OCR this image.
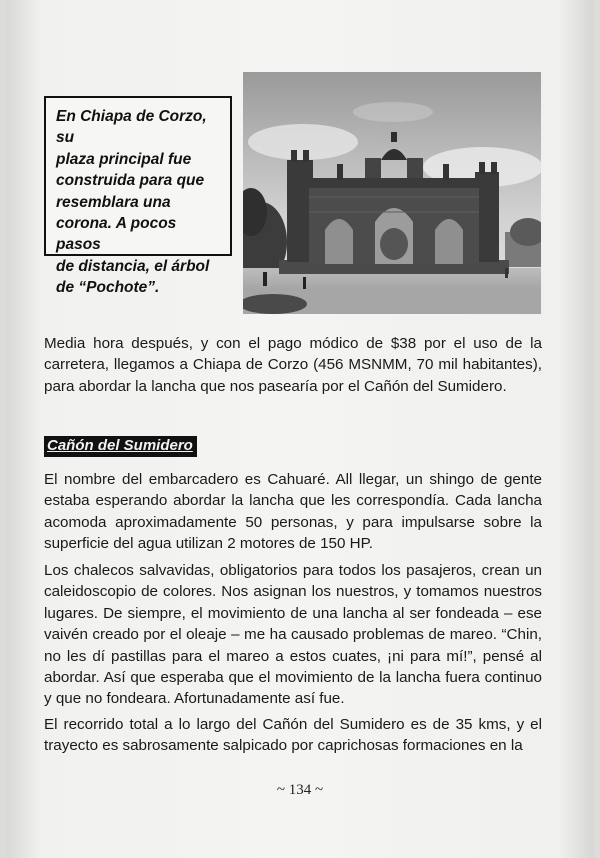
En Chiapa de Corzo, su
plaza principal fue
construida para que
resemblara una
corona. A pocos pasos
de distancia, el árbol
de “Pochote”.

Media hora después, y con el pago módico de $38 por el uso de la carretera, llegamos a Chiapa de Corzo (456 MSNMM, 70 mil habitantes), para abordar la lancha que nos pasearía por el Cañón del Sumidero.

Cañón del Sumidero

El nombre del embarcadero es Cahuaré. All llegar, un shingo de gente estaba esperando abordar la lancha que les correspondía. Cada lancha acomoda aproximadamente 50 personas, y para impulsarse sobre la superficie del agua utilizan 2 motores de 150 HP.

Los chalecos salvavidas, obligatorios para todos los pasajeros, crean un caleidoscopio de colores. Nos asignan los nuestros, y tomamos nuestros lugares. De siempre, el movimiento de una lancha al ser fondeada – ese vaivén creado por el oleaje – me ha causado problemas de mareo. “Chin, no les dí pastillas para el mareo a estos cuates, ¡ni para mí!”, pensé al abordar. Así que esperaba que el movimiento de la lancha fuera continuo y que no fondeara. Afortunadamente así fue.

El recorrido total a lo largo del Cañón del Sumidero es de 35 kms, y el trayecto es sabrosamente salpicado por caprichosas formaciones en la

~ 134 ~
